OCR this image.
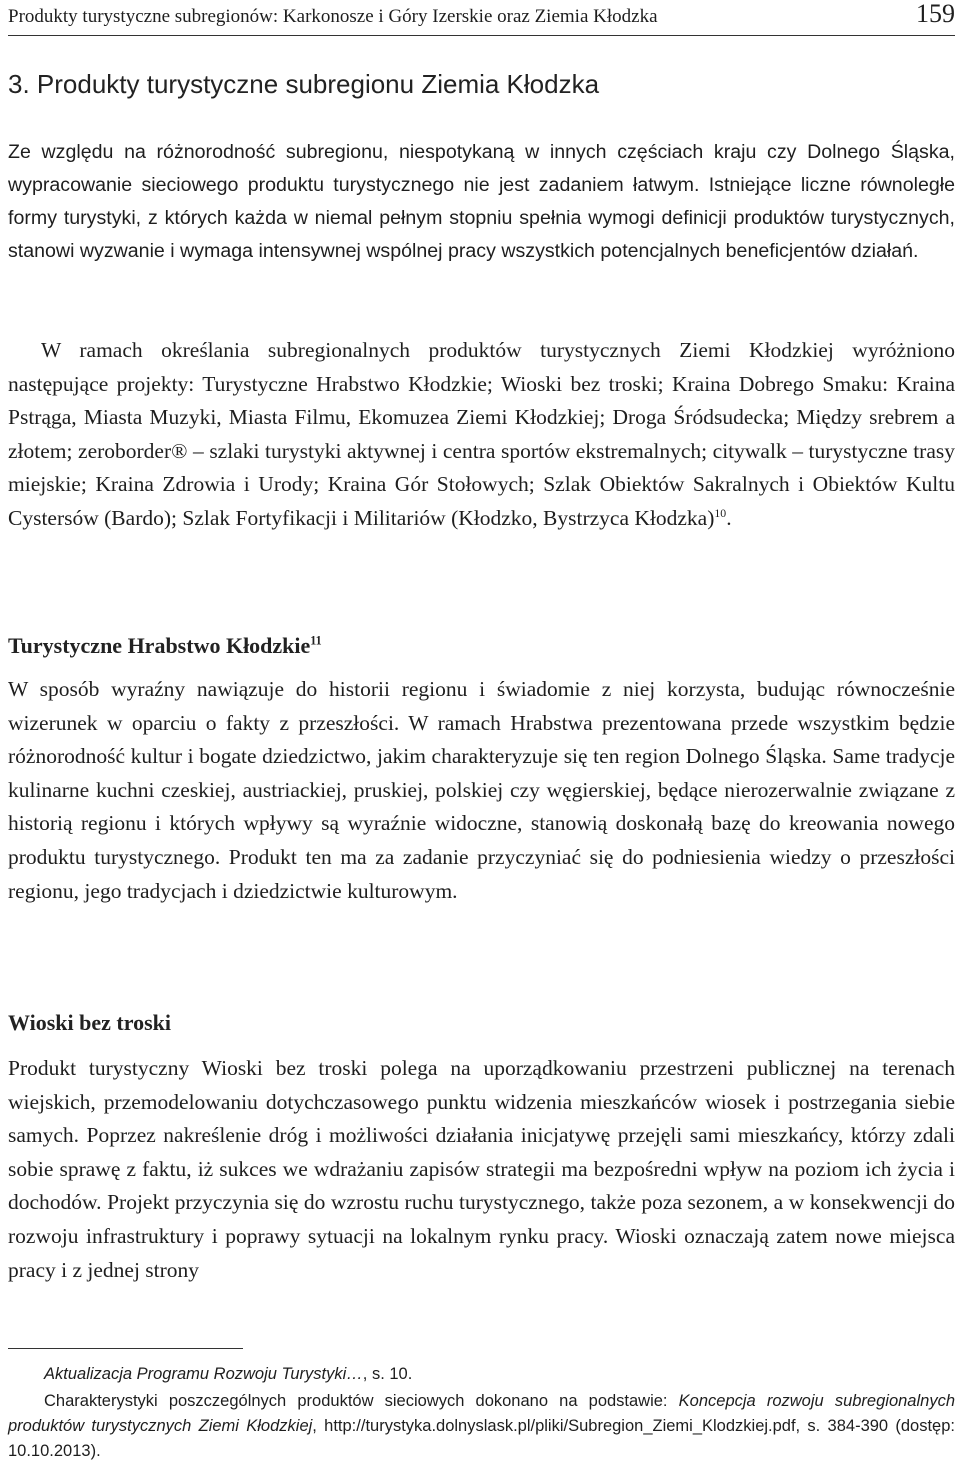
Produkty turystyczne subregionów: Karkonosze i Góry Izerskie oraz Ziemia Kłodzka	159
3. Produkty turystyczne subregionu Ziemia Kłodzka

Ze względu na różnorodność subregionu, niespotykaną w innych częściach kraju czy Dolnego Śląska, wypracowanie sieciowego produktu turystycznego nie jest zadaniem łatwym. Istniejące liczne równoległe formy turystyki, z których każda w niemal pełnym stopniu spełnia wymogi definicji produktów turystycznych, stanowi wyzwanie i wymaga intensywnej wspólnej pracy wszystkich potencjalnych beneficjentów działań.

W ramach określania subregionalnych produktów turystycznych Ziemi Kłodzkiej wyróżniono następujące projekty: Turystyczne Hrabstwo Kłodzkie; Wioski bez troski; Kraina Dobrego Smaku: Kraina Pstrąga, Miasta Muzyki, Miasta Filmu, Ekomuzea Ziemi Kłodzkiej; Droga Śródsudecka; Między srebrem a złotem; zeroborder® – szlaki turystyki aktywnej i centra sportów ekstremalnych; citywalk – turystyczne trasy miejskie; Kraina Zdrowia i Urody; Kraina Gór Stołowych; Szlak Obiektów Sakralnych i Obiektów Kultu Cystersów (Bardo); Szlak Fortyfikacji i Militariów (Kłodzko, Bystrzyca Kłodzka)$^{10}$.

Turystyczne Hrabstwo Kłodzkie$^{11}$

W sposób wyraźny nawiązuje do historii regionu i świadomie z niej korzysta, budując równocześnie wizerunek w oparciu o fakty z przeszłości. W ramach Hrabstwa prezentowana przede wszystkim będzie różnorodność kultur i bogate dziedzictwo, jakim charakteryzuje się ten region Dolnego Śląska. Same tradycje kulinarne kuchni czeskiej, austriackiej, pruskiej, polskiej czy węgierskiej, będące nierozerwalnie związane z historią regionu i których wpływy są wyraźnie widoczne, stanowią doskonałą bazę do kreowania nowego produktu turystycznego. Produkt ten ma za zadanie przyczyniać się do podniesienia wiedzy o przeszłości regionu, jego tradycjach i dziedzictwie kulturowym.

Wioski bez troski

Produkt turystyczny Wioski bez troski polega na uporządkowaniu przestrzeni publicznej na terenach wiejskich, przemodelowaniu dotychczasowego punktu widzenia mieszkańców wiosek i postrzegania siebie samych. Poprzez nakreślenie dróg i możliwości działania inicjatywę przejęli sami mieszkańcy, którzy zdali sobie sprawę z faktu, iż sukces we wdrażaniu zapisów strategii ma bezpośredni wpływ na poziom ich życia i dochodów. Projekt przyczynia się do wzrostu ruchu turystycznego, także poza sezonem, a w konsekwencji do rozwoju infrastruktury i poprawy sytuacji na lokalnym rynku pracy. Wioski oznaczają zatem nowe miejsca pracy i z jednej strony

Aktualizacja Programu Rozwoju Turystyki…, s. 10.

Charakterystyki poszczególnych produktów sieciowych dokonano na podstawie: Koncepcja rozwoju subregionalnych produktów turystycznych Ziemi Kłodzkiej, http://turystyka.dolnyslask.pl/pliki/Subregion_Ziemi_Klodzkiej.pdf, s. 384-390 (dostęp: 10.10.2013).
